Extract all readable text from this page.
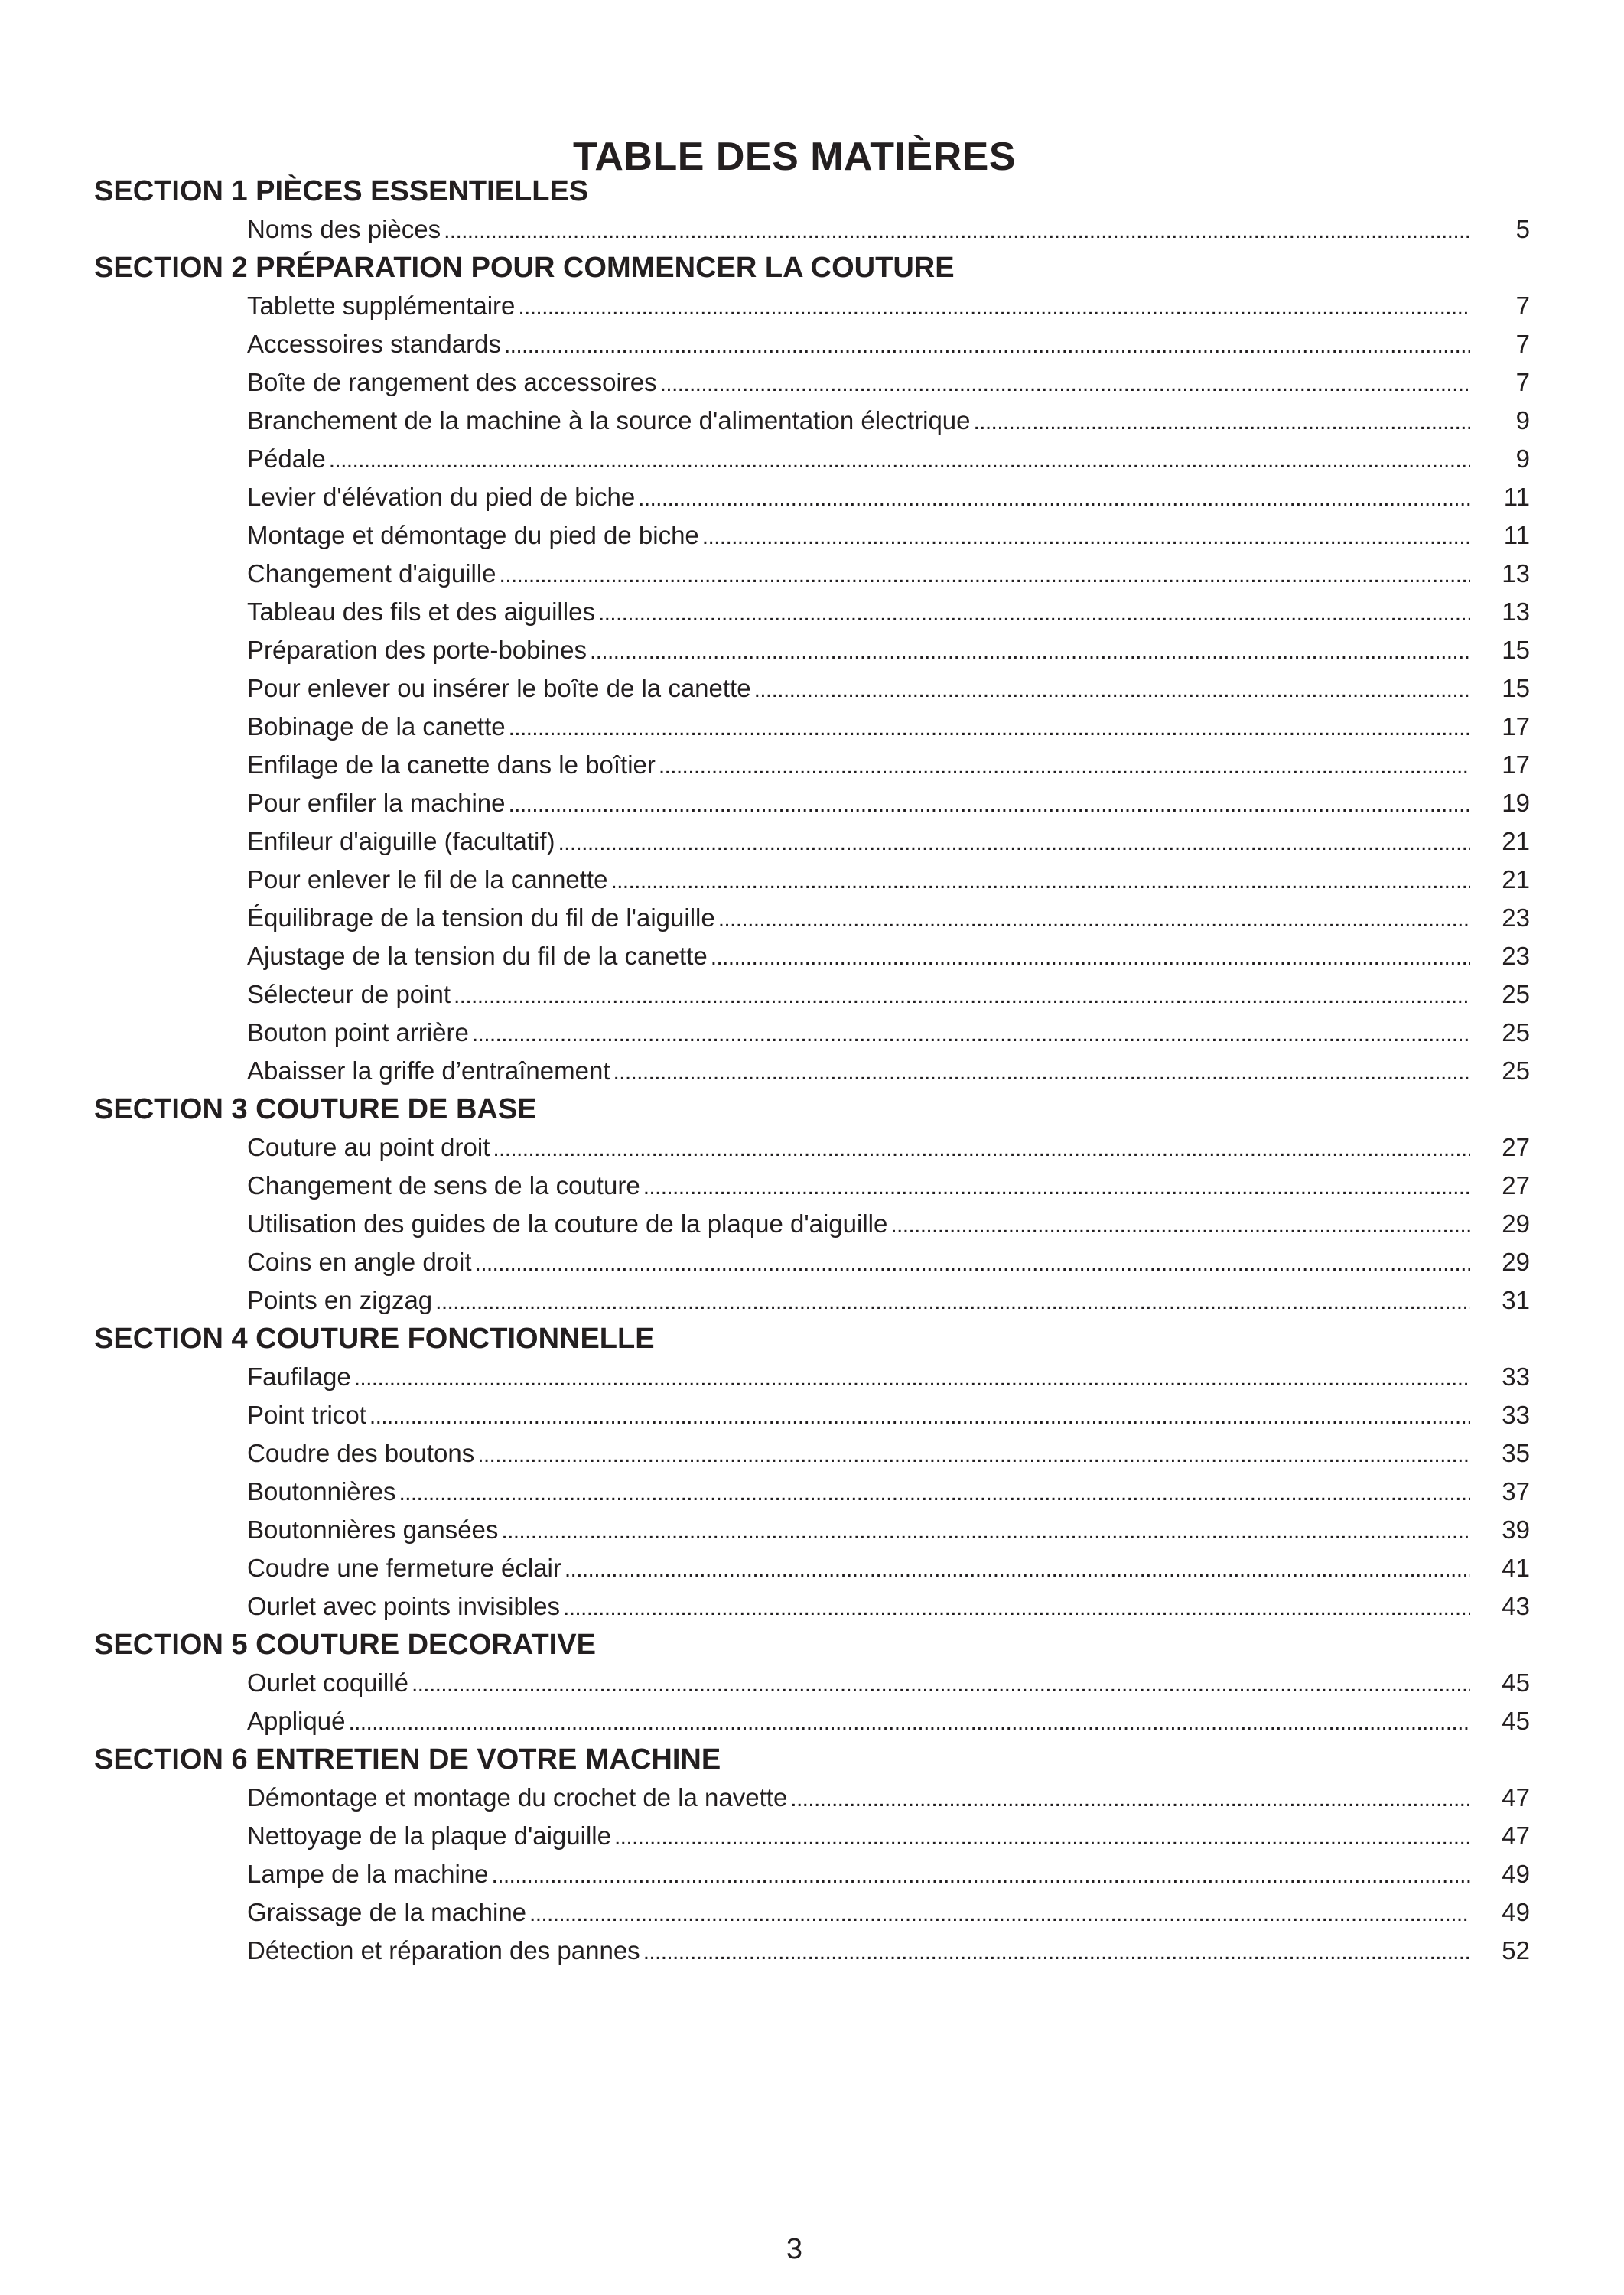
TABLE DES MATIÈRES
SECTION 1 PIÈCES ESSENTIELLES
Noms des pièces . . .	5
SECTION 2 PRÉPARATION POUR COMMENCER LA COUTURE
Tablette supplémentaire . . .	7
Accessoires standards . . .	7
Boîte de rangement des accessoires . . .	7
Branchement de la machine à la source d'alimentation électrique . . .	9
Pédale . . .	9
Levier d'élévation du pied de biche . . .	11
Montage et démontage du pied de biche . . .	11
Changement d'aiguille . . .	13
Tableau des fils et des aiguilles . . .	13
Préparation des porte-bobines . . .	15
Pour enlever ou insérer le boîte de la canette . . .	15
Bobinage de la canette . . .	17
Enfilage de la canette dans le boîtier . . .	17
Pour enfiler la machine . . .	19
Enfileur d'aiguille (facultatif) . . .	21
Pour enlever le fil de la cannette . . .	21
Équilibrage de la tension du fil de l'aiguille . . .	23
Ajustage de la tension du fil de la canette . . .	23
Sélecteur de point . . .	25
Bouton point arrière . . .	25
Abaisser la griffe d’entraînement . . .	25
SECTION 3 COUTURE DE BASE
Couture au point droit . . .	27
Changement de sens de la couture . . .	27
Utilisation des guides de la couture de la plaque d'aiguille . . .	29
Coins en angle droit . . .	29
Points en zigzag . . .	31
SECTION 4 COUTURE FONCTIONNELLE
Faufilage . . .	33
Point tricot . . .	33
Coudre des boutons . . .	35
Boutonnières . . .	37
Boutonnières gansées . . .	39
Coudre une fermeture éclair . . .	41
Ourlet avec points invisibles . . .	43
SECTION 5 COUTURE DECORATIVE
Ourlet coquillé . . .	45
Appliqué . . .	45
SECTION 6 ENTRETIEN DE VOTRE MACHINE
Démontage et montage du crochet de la navette . . .	47
Nettoyage de la plaque d'aiguille . . .	47
Lampe de la machine . . .	49
Graissage de la machine . . .	49
Détection et réparation des pannes . . .	52
3
